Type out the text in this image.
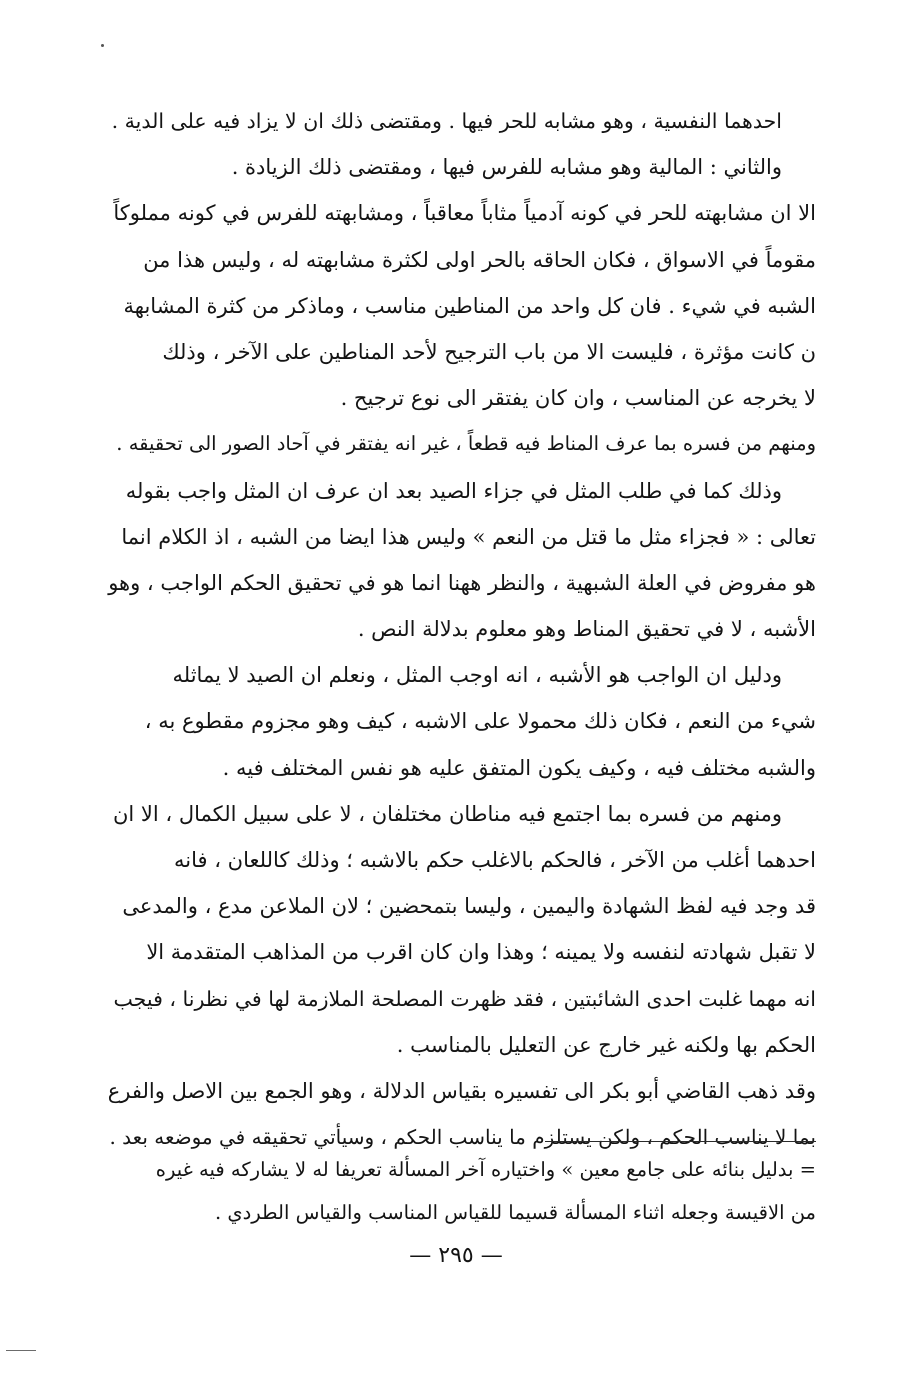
احدهما النفسية ، وهو مشابه للحر فيها . ومقتضى ذلك ان لا يزاد فيه على الدية .
والثاني : المالية وهو مشابه للفرس فيها ، ومقتضى ذلك الزيادة .
الا ان مشابهته للحر في كونه آدمياً مثاباً معاقباً ، ومشابهته للفرس في كونه مملوكاً
مقوماً في الاسواق ، فكان الحاقه بالحر اولى لكثرة مشابهته له ، وليس هذا من
الشبه في شيء . فان كل واحد من المناطين مناسب ، وماذكر من كثرة المشابهة
ن كانت مؤثرة ، فليست الا من باب الترجيح لأحد المناطين على الآخر ، وذلك
لا يخرجه عن المناسب ، وان كان يفتقر الى نوع ترجيح .
ومنهم من فسره بما عرف المناط فيه قطعاً ، غير انه يفتقر في آحاد الصور الى تحقيقه .
وذلك كما في طلب المثل في جزاء الصيد بعد ان عرف ان المثل واجب بقوله
تعالى : « فجزاء مثل ما قتل من النعم » وليس هذا ايضا من الشبه ، اذ الكلام انما
هو مفروض في العلة الشبهية ، والنظر ههنا انما هو في تحقيق الحكم الواجب ، وهو
الأشبه ، لا في تحقيق المناط وهو معلوم بدلالة النص .
ودليل ان الواجب هو الأشبه ، انه اوجب المثل ، ونعلم ان الصيد لا يماثله
شيء من النعم ، فكان ذلك محمولا على الاشبه ، كيف وهو مجزوم مقطوع به ،
والشبه مختلف فيه ، وكيف يكون المتفق عليه هو نفس المختلف فيه .
ومنهم من فسره بما اجتمع فيه مناطان مختلفان ، لا على سبيل الكمال ، الا ان
احدهما أغلب من الآخر ، فالحكم بالاغلب حكم بالاشبه ؛ وذلك كاللعان ، فانه
قد وجد فيه لفظ الشهادة واليمين ، وليسا بتمحضين ؛ لان الملاعن مدع ، والمدعى
لا تقبل شهادته لنفسه ولا يمينه ؛ وهذا وان كان اقرب من المذاهب المتقدمة الا
انه مهما غلبت احدى الشائبتين ، فقد ظهرت المصلحة الملازمة لها في نظرنا ، فيجب
الحكم بها ولكنه غير خارج عن التعليل بالمناسب .
وقد ذهب القاضي أبو بكر الى تفسيره بقياس الدلالة ، وهو الجمع بين الاصل والفرع
بما لا يناسب الحكم ، ولكن يستلزم ما يناسب الحكم ، وسيأتي تحقيقه في موضعه بعد .
= بدليل بنائه على جامع معين » واختياره آخر المسألة تعريفا له لا يشاركه فيه غيره
من الاقيسة وجعله اثناء المسألة قسيما للقياس المناسب والقياس الطردي .
— ٢٩٥ —
